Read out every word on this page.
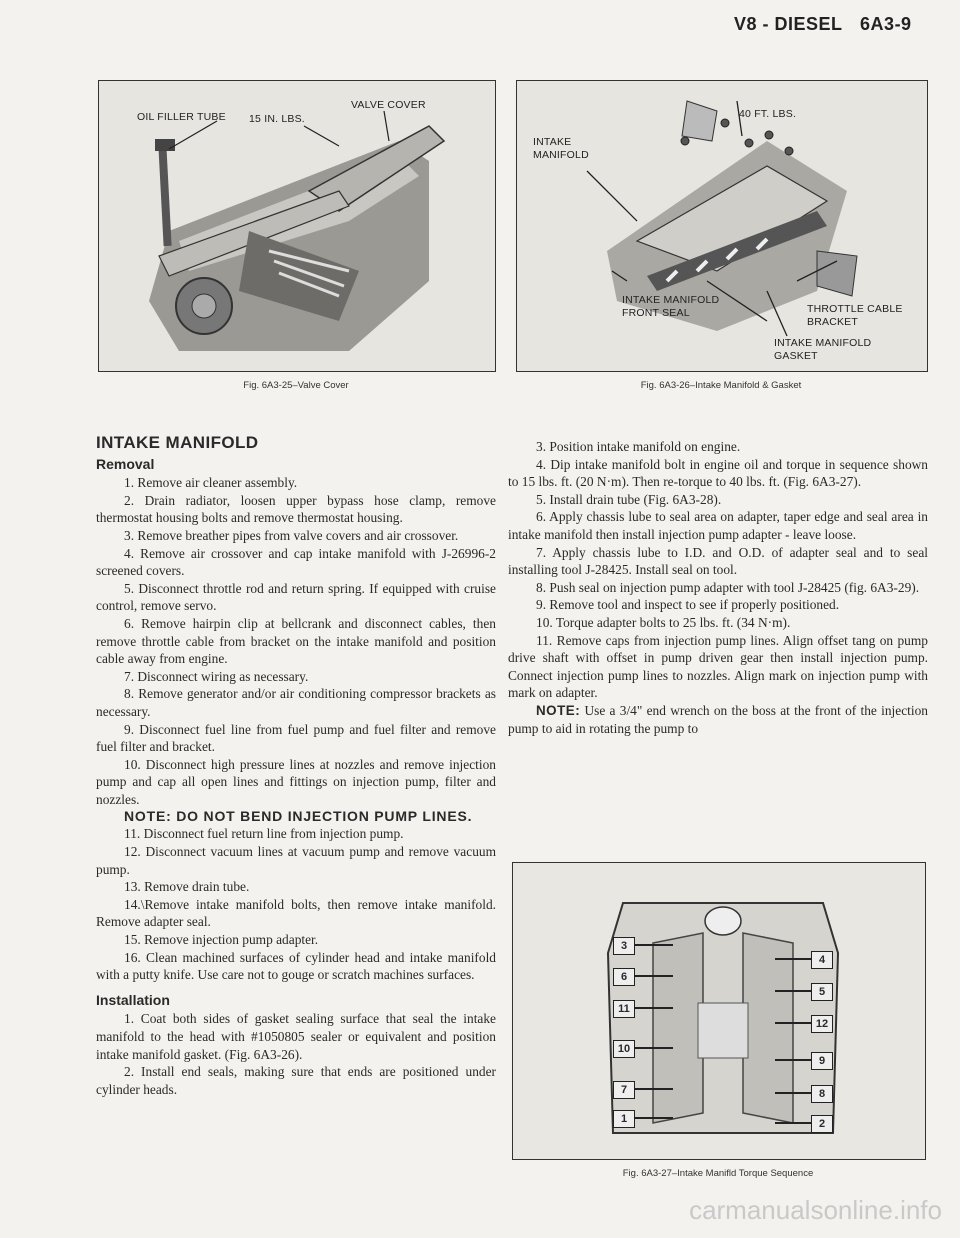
V8 - DIESEL 6A3-9
OIL FILLER TUBE
VALVE COVER
15 IN. LBS.
Fig. 6A3-25–Valve Cover
40 FT. LBS.
INTAKE
MANIFOLD
INTAKE MANIFOLD
FRONT SEAL	THROTTLE CABLE
BRACKET
INTAKE MANIFOLD
GASKET
Fig. 6A3-26–Intake Manifold & Gasket
INTAKE MANIFOLD
Removal

1. Remove air cleaner assembly.

2. Drain radiator, loosen upper bypass hose clamp, remove thermostat housing bolts and remove thermostat housing.

3. Remove breather pipes from valve covers and air crossover.

4. Remove air crossover and cap intake manifold with J-26996-2 screened covers.

5. Disconnect throttle rod and return spring. If equipped with cruise control, remove servo.

6. Remove hairpin clip at bellcrank and disconnect cables, then remove throttle cable from bracket on the intake manifold and position cable away from engine.

7. Disconnect wiring as necessary.

8. Remove generator and/or air conditioning compressor brackets as necessary.

9. Disconnect fuel line from fuel pump and fuel filter and remove fuel filter and bracket.

10. Disconnect high pressure lines at nozzles and remove injection pump and cap all open lines and fittings on injection pump, filter and nozzles.

NOTE: DO NOT BEND INJECTION PUMP LINES.

11. Disconnect fuel return line from injection pump.

12. Disconnect vacuum lines at vacuum pump and remove vacuum pump.

13. Remove drain tube.

14.\Remove intake manifold bolts, then remove intake manifold. Remove adapter seal.

15. Remove injection pump adapter.

16. Clean machined surfaces of cylinder head and intake manifold with a putty knife. Use care not to gouge or scratch machines surfaces.

Installation

1. Coat both sides of gasket sealing surface that seal the intake manifold to the head with #1050805 sealer or equivalent and position intake manifold gasket. (Fig. 6A3-26).

2. Install end seals, making sure that ends are positioned under cylinder heads.

3. Position intake manifold on engine.

4. Dip intake manifold bolt in engine oil and torque in sequence shown to 15 lbs. ft. (20 N·m). Then re-torque to 40 lbs. ft. (Fig. 6A3-27).

5. Install drain tube (Fig. 6A3-28).

6. Apply chassis lube to seal area on adapter, taper edge and seal area in intake manifold then install injection pump adapter - leave loose.

7. Apply chassis lube to I.D. and O.D. of adapter seal and to seal installing tool J-28425. Install seal on tool.

8. Push seal on injection pump adapter with tool J-28425 (fig. 6A3-29).

9. Remove tool and inspect to see if properly positioned.

10. Torque adapter bolts to 25 lbs. ft. (34 N·m).

11. Remove caps from injection pump lines. Align offset tang on pump drive shaft with offset in pump driven gear then install injection pump. Connect injection pump lines to nozzles. Align mark on injection pump with mark on adapter.

NOTE: Use a 3/4" end wrench on the boss at the front of the injection pump to aid in rotating the pump to

3
6
11
10
7
1
4
5
12
9
8
2
Fig. 6A3-27–Intake Manifld Torque Sequence
carmanualsonline.info
